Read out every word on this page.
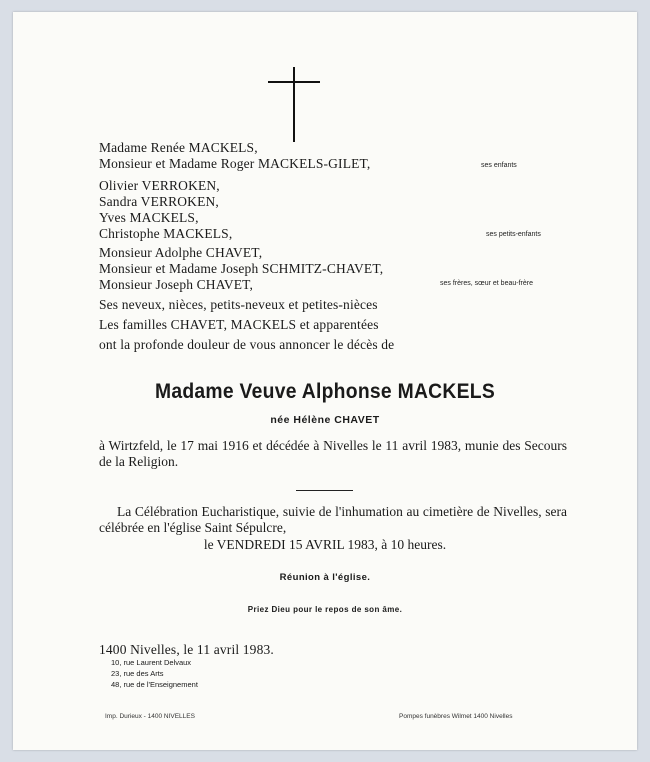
Madame Renée MACKELS,
Monsieur et Madame Roger MACKELS-GILET,	ses enfants
Olivier VERROKEN,
Sandra VERROKEN,
Yves MACKELS,
Christophe MACKELS,	ses petits-enfants
Monsieur Adolphe CHAVET,
Monsieur et Madame Joseph SCHMITZ-CHAVET,
Monsieur Joseph CHAVET,	ses frères, sœur et beau-frère
Ses neveux, nièces, petits-neveux et petites-nièces
Les familles CHAVET, MACKELS et apparentées
ont la profonde douleur de vous annoncer le décès de
Madame Veuve Alphonse MACKELS
née Hélène CHAVET
à Wirtzfeld, le 17 mai 1916 et décédée à Nivelles le 11 avril 1983, munie des Secours de la Religion.
La Célébration Eucharistique, suivie de l'inhumation au cimetière de Nivelles, sera célébrée en l'église Saint Sépulcre,
le VENDREDI 15 AVRIL 1983, à 10 heures.
Réunion à l'église.
Priez Dieu pour le repos de son âme.
1400 Nivelles, le 11 avril 1983.
10, rue Laurent Delvaux
23, rue des Arts
48, rue de l'Enseignement
Imp. Durieux - 1400 NIVELLES	Pompes funèbres Wilmet 1400 Nivelles
